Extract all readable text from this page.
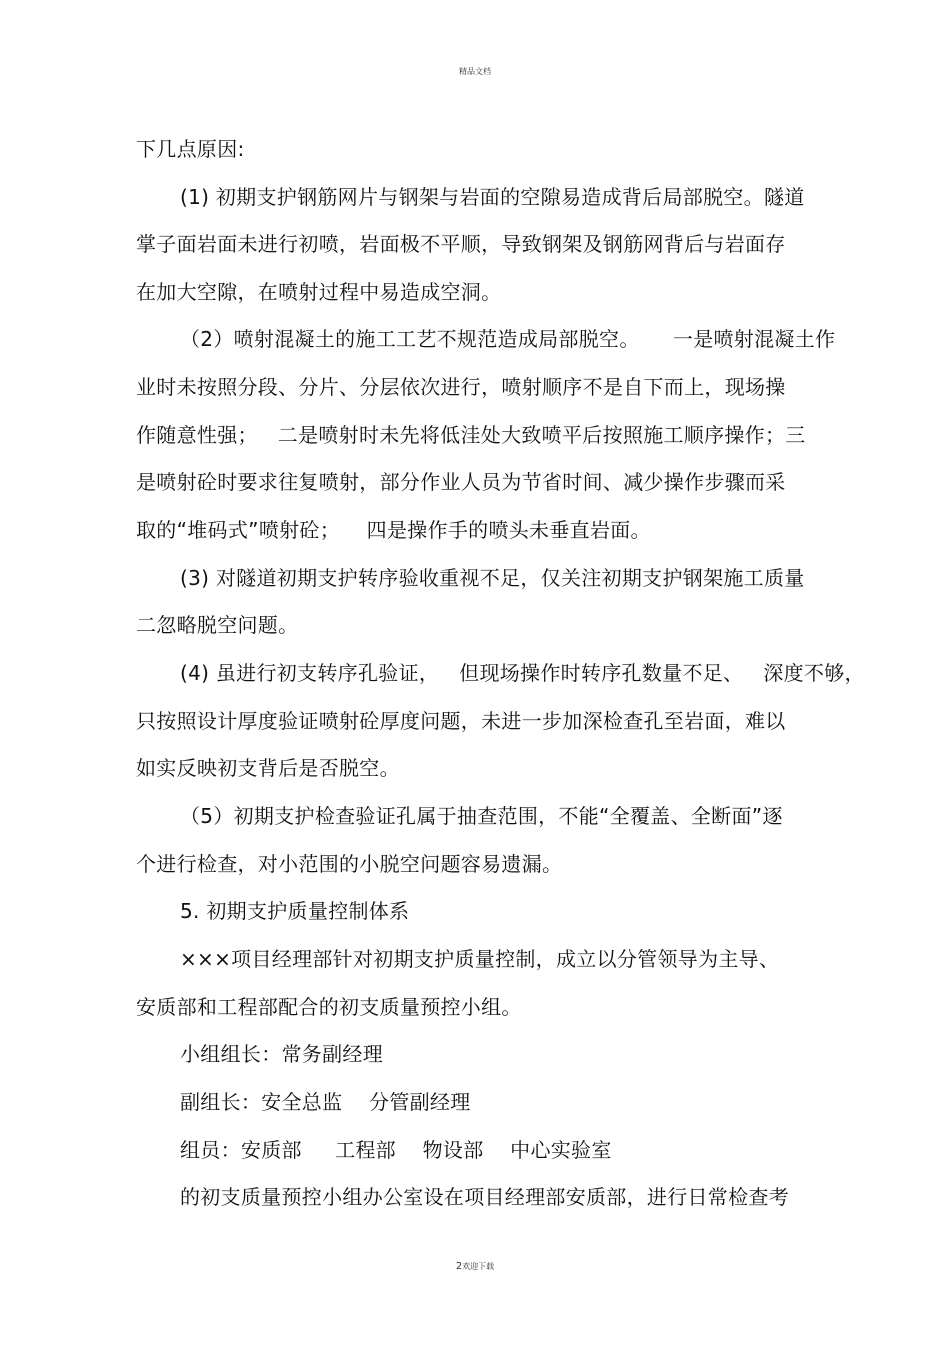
精品文档
下几点原因:
(1) 初期支护钢筋网片与钢架与岩面的空隙易造成背后局部脱空。隧道
掌子面岩面未进行初喷，岩面极不平顺，导致钢架及钢筋网背后与岩面存
在加大空隙，在喷射过程中易造成空洞。
（2）喷射混凝土的施工工艺不规范造成局部脱空。     一是喷射混凝土作
业时未按照分段、分片、分层依次进行，喷射顺序不是自下而上，现场操
作随意性强；   二是喷射时未先将低洼处大致喷平后按照施工顺序操作；三
是喷射砼时要求往复喷射，部分作业人员为节省时间、减少操作步骤而采
取的“堆码式”喷射砼；    四是操作手的喷头未垂直岩面。
(3) 对隧道初期支护转序验收重视不足，仅关注初期支护钢架施工质量
二忽略脱空问题。
(4) 虽进行初支转序孔验证，   但现场操作时转序孔数量不足、   深度不够，
只按照设计厚度验证喷射砼厚度问题，未进一步加深检查孔至岩面，难以
如实反映初支背后是否脱空。
（5）初期支护检查验证孔属于抽查范围，不能“全覆盖、全断面”逐
个进行检查，对小范围的小脱空问题容易遗漏。
5. 初期支护质量控制体系
×××项目经理部针对初期支护质量控制，成立以分管领导为主导、
安质部和工程部配合的初支质量预控小组。
小组组长：常务副经理
副组长：安全总监    分管副经理
组员：安质部     工程部    物设部    中心实验室
的初支质量预控小组办公室设在项目经理部安质部，进行日常检查考
2欢迎下载
